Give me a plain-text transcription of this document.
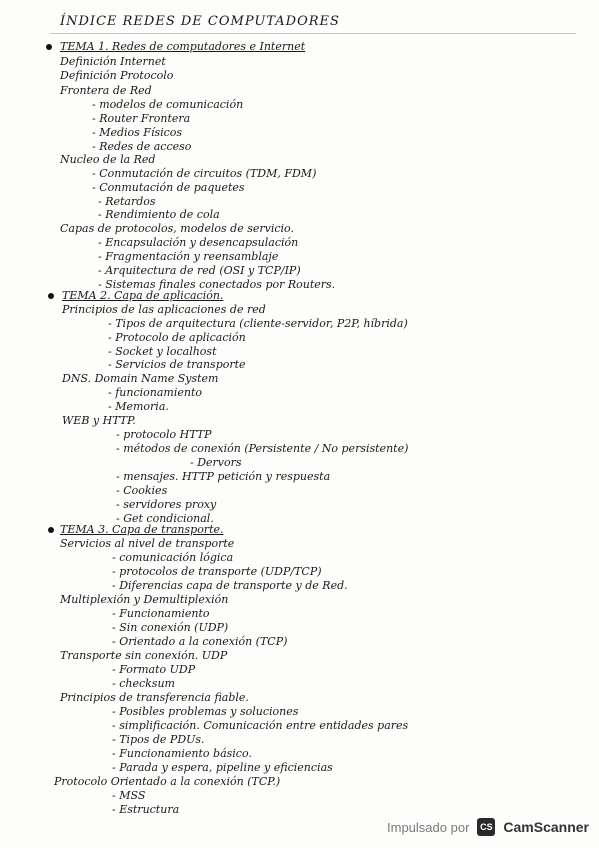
ÍNDICE REDES DE COMPUTADORES
TEMA 1. Redes de computadores e Internet
Definición Internet
Definición Protocolo
Frontera de Red
- modelos de comunicación
- Router Frontera
- Medios Físicos
- Redes de acceso
Nucleo de la Red
- Conmutación de circuitos (TDM, FDM)
- Conmutación de paquetes
- Retardos
- Rendimiento de cola
Capas de protocolos, modelos de servicio.
- Encapsulación y desencapsulación
- Fragmentación y reensamblaje
- Arquitectura de red (OSI y TCP/IP)
- Sistemas finales conectados por Routers.
TEMA 2. Capa de aplicación.
Principios de las aplicaciones de red
- Tipos de arquitectura (cliente-servidor, P2P, híbrida)
- Protocolo de aplicación
- Socket y localhost
- Servicios de transporte
DNS. Domain Name System
- funcionamiento
- Memoria.
WEB y HTTP.
- protocolo HTTP
- métodos de conexión (Persistente / No persistente)
- Dervors
- mensajes. HTTP petición y respuesta
- Cookies
- servidores proxy
- Get condicional.
TEMA 3. Capa de transporte.
Servicios al nivel de transporte
- comunicación lógica
- protocolos de transporte (UDP/TCP)
- Diferencias capa de transporte y de Red.
Multiplexión y Demultiplexión
- Funcionamiento
- Sin conexión (UDP)
- Orientado a la conexión (TCP)
Transporte sin conexión. UDP
- Formato UDP
- checksum
Principios de transferencia fiable.
- Posibles problemas y soluciones
- simplificación. Comunicación entre entidades pares
- Tipos de PDUs.
- Funcionamiento básico.
- Parada y espera, pipeline y eficiencias
Protocolo Orientado a la conexión (TCP.)
- MSS
- Estructura
Impulsado por	CS CamScanner
